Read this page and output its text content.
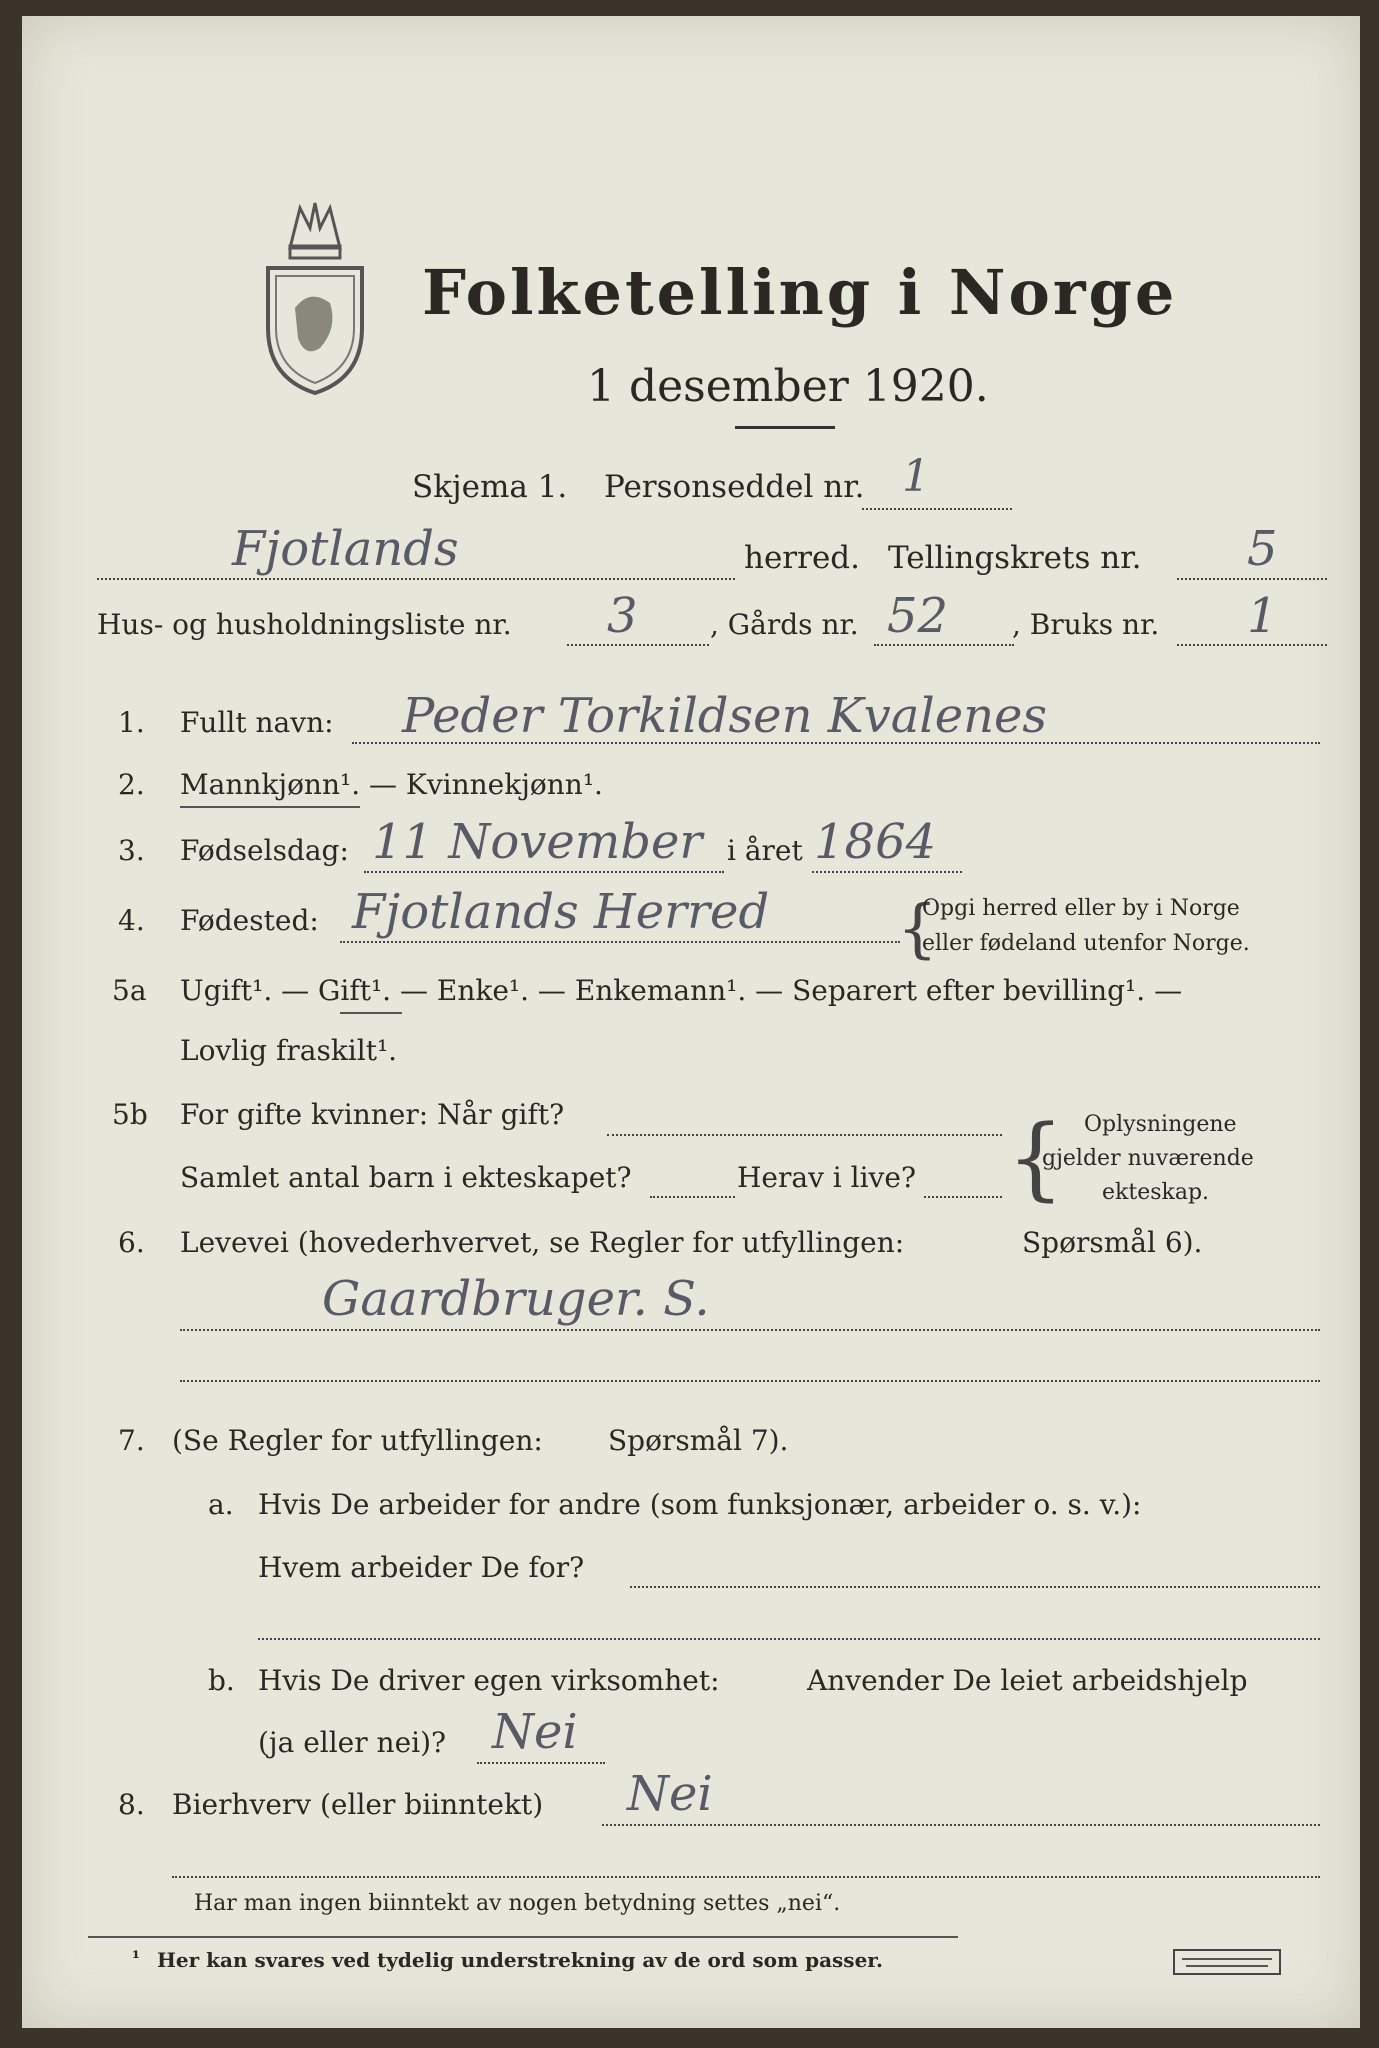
Folketelling i Norge
1 desember 1920.
Skjema 1. Personseddel nr. 1
Fjotlands	herred. Tellingskrets nr. 5
Hus- og husholdningsliste nr. 3	, Gårds nr. 52 , Bruks nr. 1
1. Fullt navn: Peder Torkildsen Kvalenes
2. Mannkjønn¹. — Kvinnekjønn¹.
3. Fødselsdag: 11 November i året 1864
4. Fødested: Fjotlands Herred {
Opgi herred eller by i Norge
eller fødeland utenfor Norge.
5a Ugift¹. — Gift¹. — Enke¹. — Enkemann¹. — Separert efter bevilling¹. —
Lovlig fraskilt¹.
5b For gifte kvinner: Når gift?
Samlet antal barn i ekteskapet?	Herav i live? { Oplysningene
gjelder nuværende
ekteskap.
6. Levevei (hovederhvervet, se Regler for utfyllingen:	Spørsmål 6).
Gaardbruger. S.
7. (Se Regler for utfyllingen: Spørsmål 7).
a. Hvis De arbeider for andre (som funksjonær, arbeider o. s. v.):
Hvem arbeider De for?
b. Hvis De driver egen virksomhet:	Anvender De leiet arbeidshjelp
(ja eller nei)? Nei
8. Bierhverv (eller biinntekt) Nei
Har man ingen biinntekt av nogen betydning settes „nei“.
¹ Her kan svares ved tydelig understrekning av de ord som passer.
